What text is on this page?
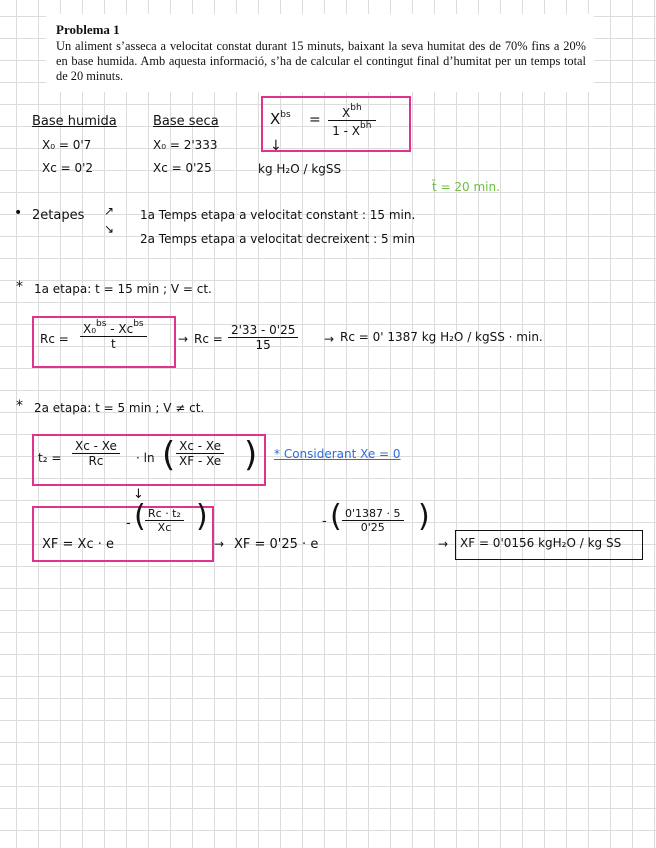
Problema 1
Un aliment s’asseca a velocitat constat durant 15 minuts, baixant la seva humitat des de 70% fins a 20% en base humida. Amb aquesta informació, s’ha de calcular el contingut final d’humitat per un temps total de 20 minuts.
Base humida
X₀ = 0'7
Xc = 0'2
Base seca
X₀ = 2'333
Xc = 0'25
$X^{bs} = \frac{X^{bh}}{1 - X^{bh}}$
↓
kg H₂O / kgSS
t̄ = 20 min.
• 2etapes ↗
↘
1a Temps etapa a velocitat constant : 15 min.
2a Temps etapa a velocitat decreixent : 5 min
* 1a etapa: t = 15 min ; V = ct.
$Rc = \frac{X_0^{bs} - Xc^{bs}}{t}$	→ $Rc = \frac{2'33 - 0'25}{15} \to Rc = 0'$ 1387 kg H₂O / kgSS · min.
* 2a etapa: t = 5 min ; V ≠ ct.
$t_2 = \frac{Xc - Xe}{Rc} \cdot \ln$ ( $\frac{Xc - Xe}{XF - Xe}$ ) * Considerant Xe = 0
↓
XF = Xc · e
- ( $\frac{\text{Rc · t₂}}{Xc}$ )
→ XF = 0'25 · e
- ( $\frac{0'1387 \cdot 5}{0'25}$ )
→ XF = 0'0156 kgH₂O / kg SS
